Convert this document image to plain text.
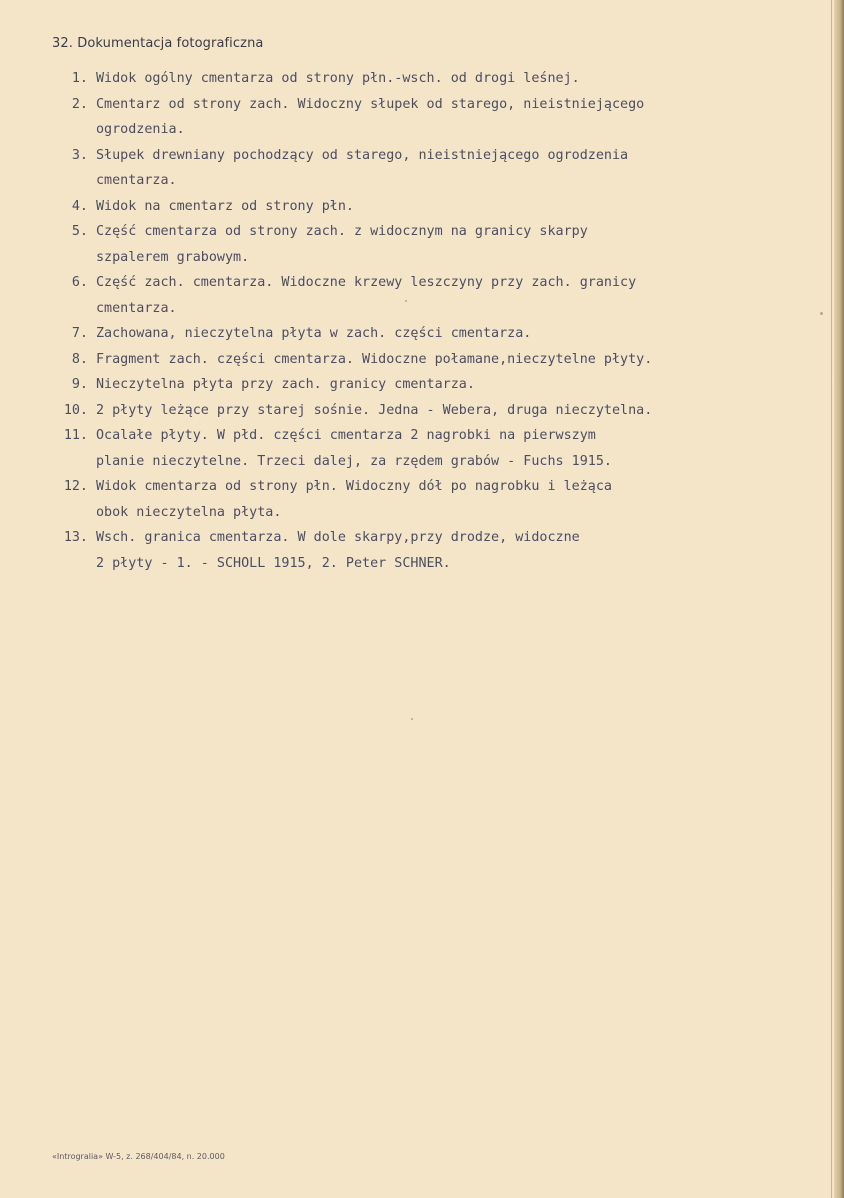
32. Dokumentacja fotograficzna
1.
Widok ogólny cmentarza od strony płn.-wsch. od drogi leśnej.
2.
Cmentarz od strony zach. Widoczny słupek od starego, nieistniejącego
ogrodzenia.
3.
Słupek drewniany pochodzący od starego, nieistniejącego ogrodzenia
cmentarza.
4.
Widok na cmentarz od strony płn.
5.
Część cmentarza od strony zach. z widocznym na granicy skarpy
szpalerem grabowym.
6.
Część zach. cmentarza. Widoczne krzewy leszczyny przy zach. granicy
cmentarza.
7.
Zachowana, nieczytelna płyta w zach. części cmentarza.
8.
Fragment zach. części cmentarza. Widoczne połamane,nieczytelne płyty.
9.
Nieczytelna płyta przy zach. granicy cmentarza.
10.
2 płyty leżące przy starej sośnie. Jedna - Webera, druga nieczytelna.
11.
Ocalałe płyty. W płd. części cmentarza 2 nagrobki na pierwszym
planie nieczytelne. Trzeci dalej, za rzędem grabów - Fuchs 1915.
12.
Widok cmentarza od strony płn. Widoczny dół po nagrobku i leżąca
obok nieczytelna płyta.
13.
Wsch. granica cmentarza. W dole skarpy,przy drodze, widoczne
2 płyty - 1. - SCHOLL 1915, 2. Peter SCHNER.
«Introgralia» W-5, z. 268/404/84, n. 20.000
